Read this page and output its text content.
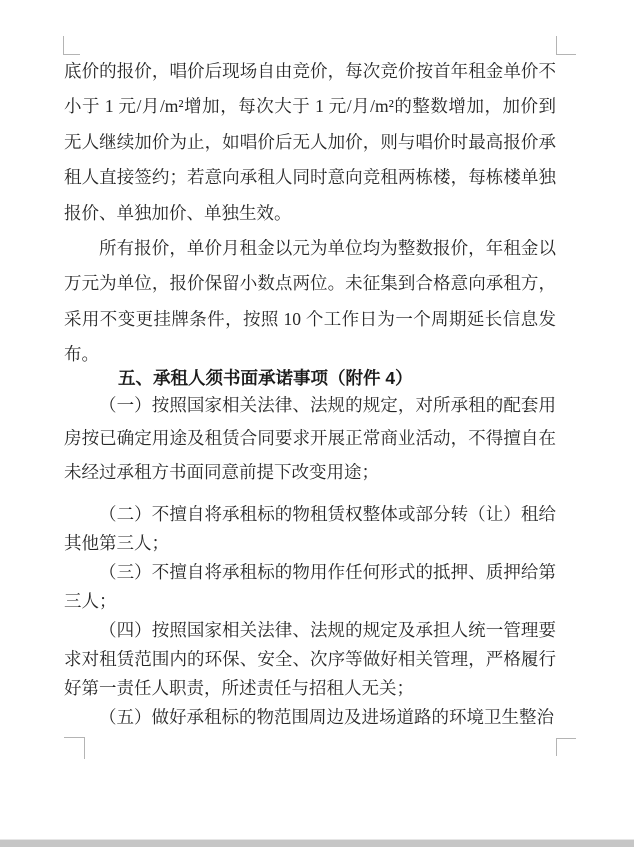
底价的报价，唱价后现场自由竞价，每次竞价按首年租金单价不
小于 1 元/月/m²增加，每次大于 1 元/月/m²的整数增加，加价到
无人继续加价为止，如唱价后无人加价，则与唱价时最高报价承
租人直接签约；若意向承租人同时意向竞租两栋楼，每栋楼单独
报价、单独加价、单独生效。
所有报价，单价月租金以元为单位均为整数报价，年租金以
万元为单位，报价保留小数点两位。未征集到合格意向承租方，
采用不变更挂牌条件，按照 10 个工作日为一个周期延长信息发
布。
五、承租人须书面承诺事项（附件 4）
（一）按照国家相关法律、法规的规定，对所承租的配套用
房按已确定用途及租赁合同要求开展正常商业活动，不得擅自在
未经过承租方书面同意前提下改变用途；
（二）不擅自将承租标的物租赁权整体或部分转（让）租给
其他第三人；
（三）不擅自将承租标的物用作任何形式的抵押、质押给第
三人；
（四）按照国家相关法律、法规的规定及承担人统一管理要
求对租赁范围内的环保、安全、次序等做好相关管理，严格履行
好第一责任人职责，所述责任与招租人无关；
（五）做好承租标的物范围周边及进场道路的环境卫生整治
